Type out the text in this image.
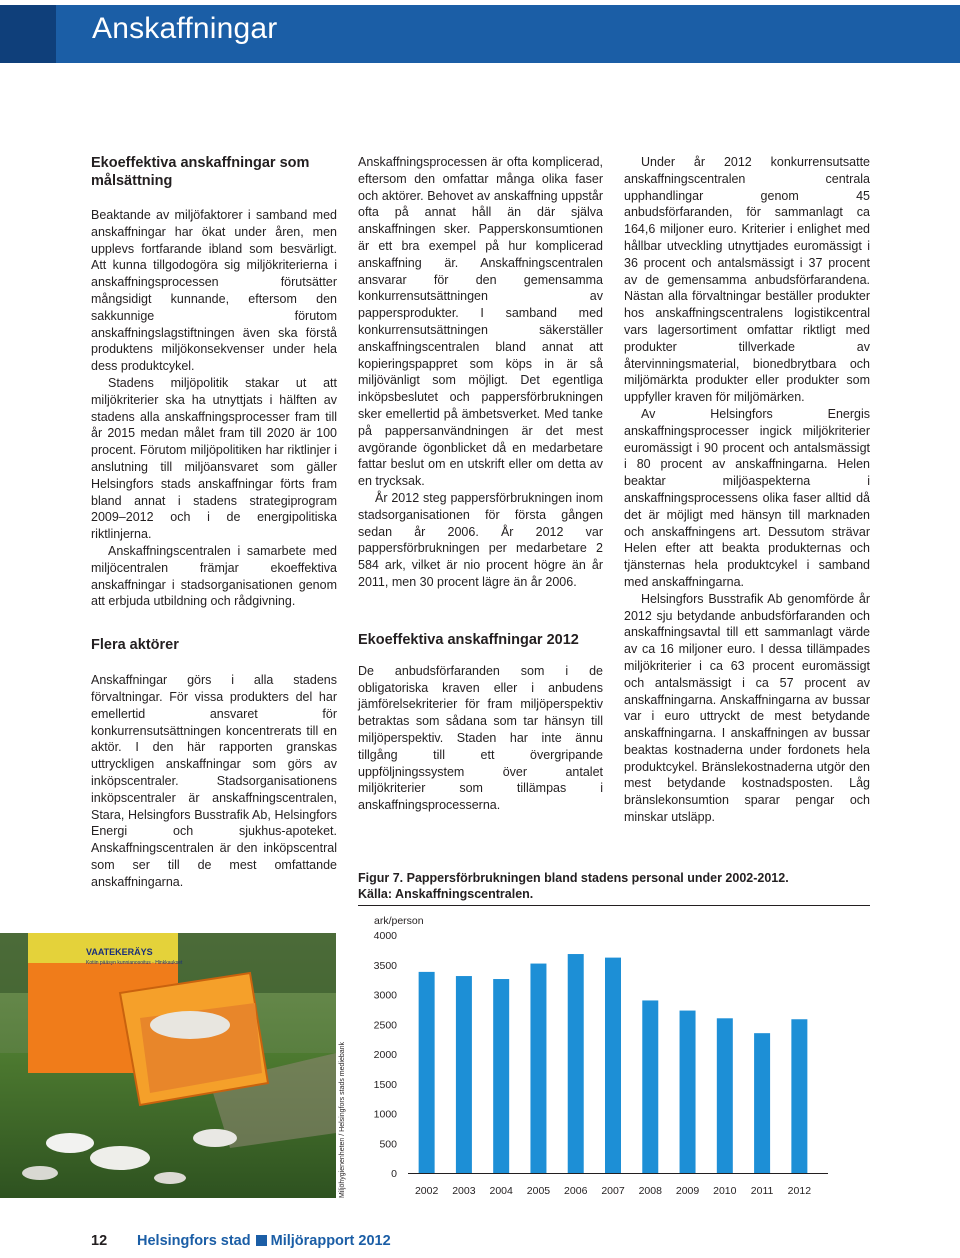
Anskaffningar
Ekoeffektiva anskaffningar som målsättning

Beaktande av miljöfaktorer i samband med anskaffningar har ökat under åren, men upplevs fortfarande ibland som besvärligt. Att kunna tillgodogöra sig miljökriterierna i anskaffningsprocessen förutsätter mångsidigt kunnande, eftersom den sakkunnige förutom anskaffningslagstiftningen även ska förstå produktens miljökonsekvenser under hela dess produktcykel.

Stadens miljöpolitik stakar ut att miljökriterier ska ha utnyttjats i hälften av stadens alla anskaffningsprocesser fram till år 2015 medan målet fram till 2020 är 100 procent. Förutom miljöpolitiken har riktlinjer i anslutning till miljöansvaret som gäller Helsingfors stads anskaffningar förts fram bland annat i stadens strategiprogram 2009–2012 och i de energipolitiska riktlinjerna.

Anskaffningscentralen i samarbete med miljöcentralen främjar ekoeffektiva anskaffningar i stadsorganisationen genom att erbjuda utbildning och rådgivning.

Flera aktörer

Anskaffningar görs i alla stadens förvaltningar. För vissa produkters del har emellertid ansvaret för konkurrensutsättningen koncentrerats till en aktör. I den här rapporten granskas uttryckligen anskaffningar som görs av inköpscentraler. Stadsorganisationens inköpscentraler är anskaffningscentralen, Stara, Helsingfors Busstrafik Ab, Helsingfors Energi och sjukhus-apoteket. Anskaffningscentralen är den inköpscentral som ser till de mest omfattande anskaffningarna.

Anskaffningsprocessen är ofta komplicerad, eftersom den omfattar många olika faser och aktörer. Behovet av anskaffning uppstår ofta på annat håll än där själva anskaffningen sker. Papperskonsumtionen är ett bra exempel på hur komplicerad anskaffning är. Anskaffningscentralen ansvarar för den gemensamma konkurrensutsättningen av pappersprodukter. I samband med konkurrensutsättningen säkerställer anskaffningscentralen bland annat att kopieringspappret som köps in är så miljövänligt som möjligt. Det egentliga inköpsbeslutet och pappersförbrukningen sker emellertid på ämbetsverket. Med tanke på pappersanvändningen är det mest avgörande ögonblicket då en medarbetare fattar beslut om en utskrift eller om detta av en trycksak.

År 2012 steg pappersförbrukningen inom stadsorganisationen för första gången sedan år 2006. År 2012 var pappersförbrukningen per medarbetare 2 584 ark, vilket är nio procent högre än år 2011, men 30 procent lägre än år 2006.

Ekoeffektiva anskaffningar 2012

De anbudsförfaranden som i de obligatoriska kraven eller i anbudens jämförelsekriterier för fram miljöperspektiv betraktas som sådana som tar hänsyn till miljöperspektiv. Staden har inte ännu tillgång till ett övergripande uppföljningssystem över antalet miljökriterier som tillämpas i anskaffningsprocesserna.

Under år 2012 konkurrensutsatte anskaffningscentralen centrala upphandlingar genom 45 anbudsförfaranden, för sammanlagt ca 164,6 miljoner euro. Kriterier i enlighet med hållbar utveckling utnyttjades euromässigt i 36 procent och antalsmässigt i 37 procent av de gemensamma anbudsförfarandena. Nästan alla förvaltningar beställer produkter hos anskaffningscentralens logistikcentral vars lagersortiment omfattar riktligt med produkter tillverkade av återvinningsmaterial, bionedbrytbara och miljömärkta produkter eller produkter som uppfyller kraven för miljömärken.

Av Helsingfors Energis anskaffningsprocesser ingick miljökriterier euromässigt i 90 procent och antalsmässigt i 80 procent av anskaffningarna. Helen beaktar miljöaspekterna i anskaffningsprocessens olika faser alltid då det är möjligt med hänsyn till marknaden och anskaffningens art. Dessutom strävar Helen efter att beakta produkternas och tjänsternas hela produktcykel i samband med anskaffningarna.

Helsingfors Busstrafik Ab genomförde år 2012 sju betydande anbudsförfaranden och anskaffningsavtal till ett sammanlagt värde av ca 16 miljoner euro. I dessa tillämpades miljökriterier i ca 63 procent euromässigt och antalsmässigt i ca 57 procent av anskaffningarna. Anskaffningarna av bussar var i euro uttryckt de mest betydande anskaffningarna. I anskaffningen av bussar beaktas kostnaderna under fordonets hela produktcykel. Bränslekostnaderna utgör den mest betydande kostnadsposten. Låg bränslekonsumtion sparar pengar och minskar utsläpp.

VAATEKERÄYS
Kotiin pääsyn kunnianosoitus · Hinkkaukset
Miljöhygienenheten / Helsingfors stads mediebank
Figur 7. Pappersförbrukningen bland stadens personal under 2002-2012.
Källa: Anskaffningscentralen.
ark/person
4000
3500
3000
2500
2000
1500
1000
500
0
2002 2003 2004 2005 2006 2007 2008 2009 2010 2011 2012
12 Helsingfors stad Miljörapport 2012
